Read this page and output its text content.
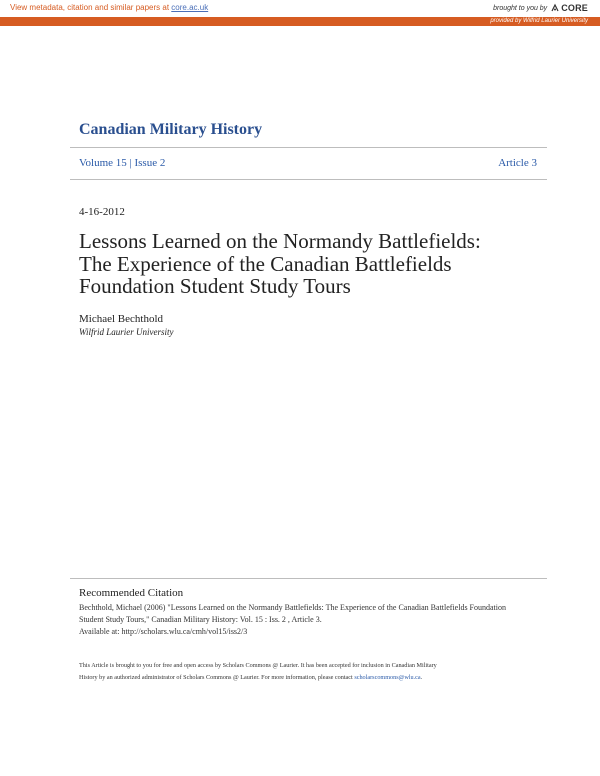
View metadata, citation and similar papers at core.ac.uk	brought to you by CORE
provided by Wilfrid Laurier University
Canadian Military History
Volume 15 | Issue 2	Article 3
4-16-2012
Lessons Learned on the Normandy Battlefields:
The Experience of the Canadian Battlefields
Foundation Student Study Tours
Michael Bechthold
Wilfrid Laurier University
Recommended Citation
Bechthold, Michael (2006) "Lessons Learned on the Normandy Battlefields: The Experience of the Canadian Battlefields Foundation
Student Study Tours," Canadian Military History: Vol. 15 : Iss. 2 , Article 3.
Available at: http://scholars.wlu.ca/cmh/vol15/iss2/3
This Article is brought to you for free and open access by Scholars Commons @ Laurier. It has been accepted for inclusion in Canadian Military
History by an authorized administrator of Scholars Commons @ Laurier. For more information, please contact scholarscommons@wlu.ca.
